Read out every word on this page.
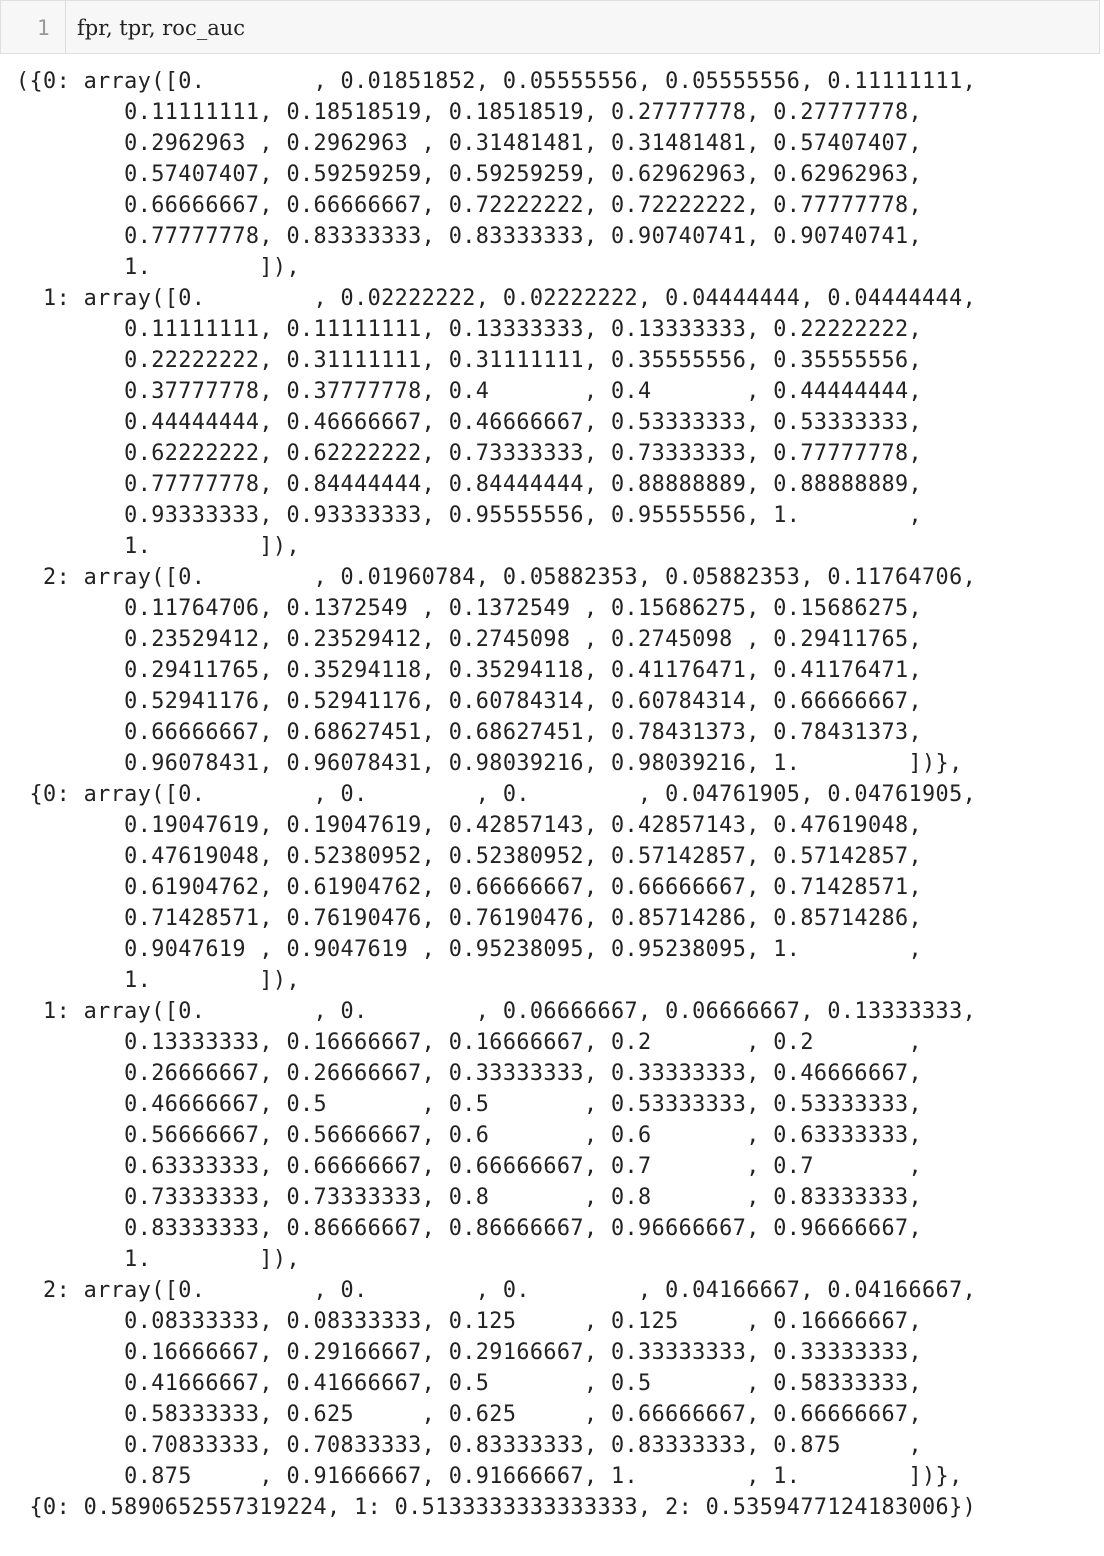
1 fpr, tpr, roc_auc
({0: array([0.        , 0.01851852, 0.05555556, 0.05555556, 0.11111111,
0.11111111, 0.18518519, 0.18518519, 0.27777778, 0.27777778,
0.2962963 , 0.2962963 , 0.31481481, 0.31481481, 0.57407407,
0.57407407, 0.59259259, 0.59259259, 0.62962963, 0.62962963,
0.66666667, 0.66666667, 0.72222222, 0.72222222, 0.77777778,
0.77777778, 0.83333333, 0.83333333, 0.90740741, 0.90740741,
1.        ]),
1: array([0.        , 0.02222222, 0.02222222, 0.04444444, 0.04444444,
0.11111111, 0.11111111, 0.13333333, 0.13333333, 0.22222222,
0.22222222, 0.31111111, 0.31111111, 0.35555556, 0.35555556,
0.37777778, 0.37777778, 0.4       , 0.4       , 0.44444444,
0.44444444, 0.46666667, 0.46666667, 0.53333333, 0.53333333,
0.62222222, 0.62222222, 0.73333333, 0.73333333, 0.77777778,
0.77777778, 0.84444444, 0.84444444, 0.88888889, 0.88888889,
0.93333333, 0.93333333, 0.95555556, 0.95555556, 1.        ,
1.        ]),
2: array([0.        , 0.01960784, 0.05882353, 0.05882353, 0.11764706,
0.11764706, 0.1372549 , 0.1372549 , 0.15686275, 0.15686275,
0.23529412, 0.23529412, 0.2745098 , 0.2745098 , 0.29411765,
0.29411765, 0.35294118, 0.35294118, 0.41176471, 0.41176471,
0.52941176, 0.52941176, 0.60784314, 0.60784314, 0.66666667,
0.66666667, 0.68627451, 0.68627451, 0.78431373, 0.78431373,
0.96078431, 0.96078431, 0.98039216, 0.98039216, 1.        ])},
{0: array([0.        , 0.        , 0.        , 0.04761905, 0.04761905,
0.19047619, 0.19047619, 0.42857143, 0.42857143, 0.47619048,
0.47619048, 0.52380952, 0.52380952, 0.57142857, 0.57142857,
0.61904762, 0.61904762, 0.66666667, 0.66666667, 0.71428571,
0.71428571, 0.76190476, 0.76190476, 0.85714286, 0.85714286,
0.9047619 , 0.9047619 , 0.95238095, 0.95238095, 1.        ,
1.        ]),
1: array([0.        , 0.        , 0.06666667, 0.06666667, 0.13333333,
0.13333333, 0.16666667, 0.16666667, 0.2       , 0.2       ,
0.26666667, 0.26666667, 0.33333333, 0.33333333, 0.46666667,
0.46666667, 0.5       , 0.5       , 0.53333333, 0.53333333,
0.56666667, 0.56666667, 0.6       , 0.6       , 0.63333333,
0.63333333, 0.66666667, 0.66666667, 0.7       , 0.7       ,
0.73333333, 0.73333333, 0.8       , 0.8       , 0.83333333,
0.83333333, 0.86666667, 0.86666667, 0.96666667, 0.96666667,
1.        ]),
2: array([0.        , 0.        , 0.        , 0.04166667, 0.04166667,
0.08333333, 0.08333333, 0.125     , 0.125     , 0.16666667,
0.16666667, 0.29166667, 0.29166667, 0.33333333, 0.33333333,
0.41666667, 0.41666667, 0.5       , 0.5       , 0.58333333,
0.58333333, 0.625     , 0.625     , 0.66666667, 0.66666667,
0.70833333, 0.70833333, 0.83333333, 0.83333333, 0.875     ,
0.875     , 0.91666667, 0.91666667, 1.        , 1.        ])},
{0: 0.5890652557319224, 1: 0.5133333333333333, 2: 0.5359477124183006})
